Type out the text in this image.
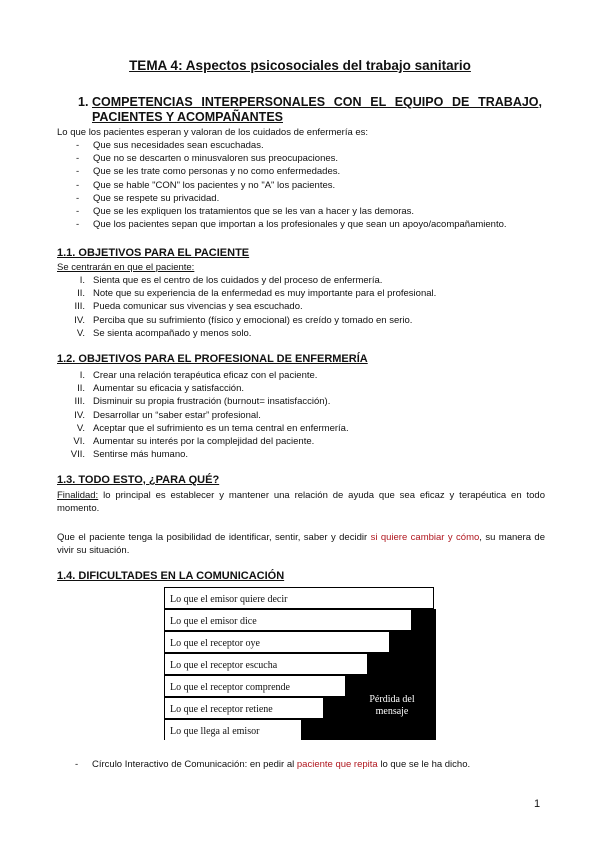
TEMA 4: Aspectos psicosociales del trabajo sanitario
1. COMPETENCIAS INTERPERSONALES CON EL EQUIPO DE TRABAJO, PACIENTES Y ACOMPAÑANTES
Lo que los pacientes esperan y valoran de los cuidados de enfermería es:
- Que sus necesidades sean escuchadas.
- Que no se descarten o minusvaloren sus preocupaciones.
- Que se les trate como personas y no como enfermedades.
- Que se hable "CON" los pacientes y no "A" los pacientes.
- Que se respete su privacidad.
- Que se les expliquen los tratamientos que se les van a hacer y las demoras.
- Que los pacientes sepan que importan a los profesionales y que sean un apoyo/acompañamiento.
1.1. OBJETIVOS PARA EL PACIENTE
Se centrarán en que el paciente:
I. Sienta que es el centro de los cuidados y del proceso de enfermería.
II. Note que su experiencia de la enfermedad es muy importante para el profesional.
III. Pueda comunicar sus vivencias y sea escuchado.
IV. Perciba que su sufrimiento (físico y emocional) es creído y tomado en serio.
V. Se sienta acompañado y menos solo.
1.2. OBJETIVOS PARA EL PROFESIONAL DE ENFERMERÍA
I. Crear una relación terapéutica eficaz con el paciente.
II. Aumentar su eficacia y satisfacción.
III. Disminuir su propia frustración (burnout= insatisfacción).
IV. Desarrollar un “saber estar” profesional.
V. Aceptar que el sufrimiento es un tema central en enfermería.
VI. Aumentar su interés por la complejidad del paciente.
VII. Sentirse más humano.
1.3. TODO ESTO, ¿PARA QUÉ?
Finalidad: lo principal es establecer y mantener una relación de ayuda que sea eficaz y terapéutica en todo momento.
Que el paciente tenga la posibilidad de identificar, sentir, saber y decidir si quiere cambiar y cómo, su manera de vivir su situación.
1.4. DIFICULTADES EN LA COMUNICACIÓN
Lo que el emisor quiere decir
Lo que el emisor dice
Lo que el receptor oye
Lo que el receptor escucha
Lo que el receptor comprende
Lo que el receptor retiene
Lo que llega al emisor
Pérdida del
mensaje
- Círculo Interactivo de Comunicación: en pedir al paciente que repita lo que se le ha dicho.
1
